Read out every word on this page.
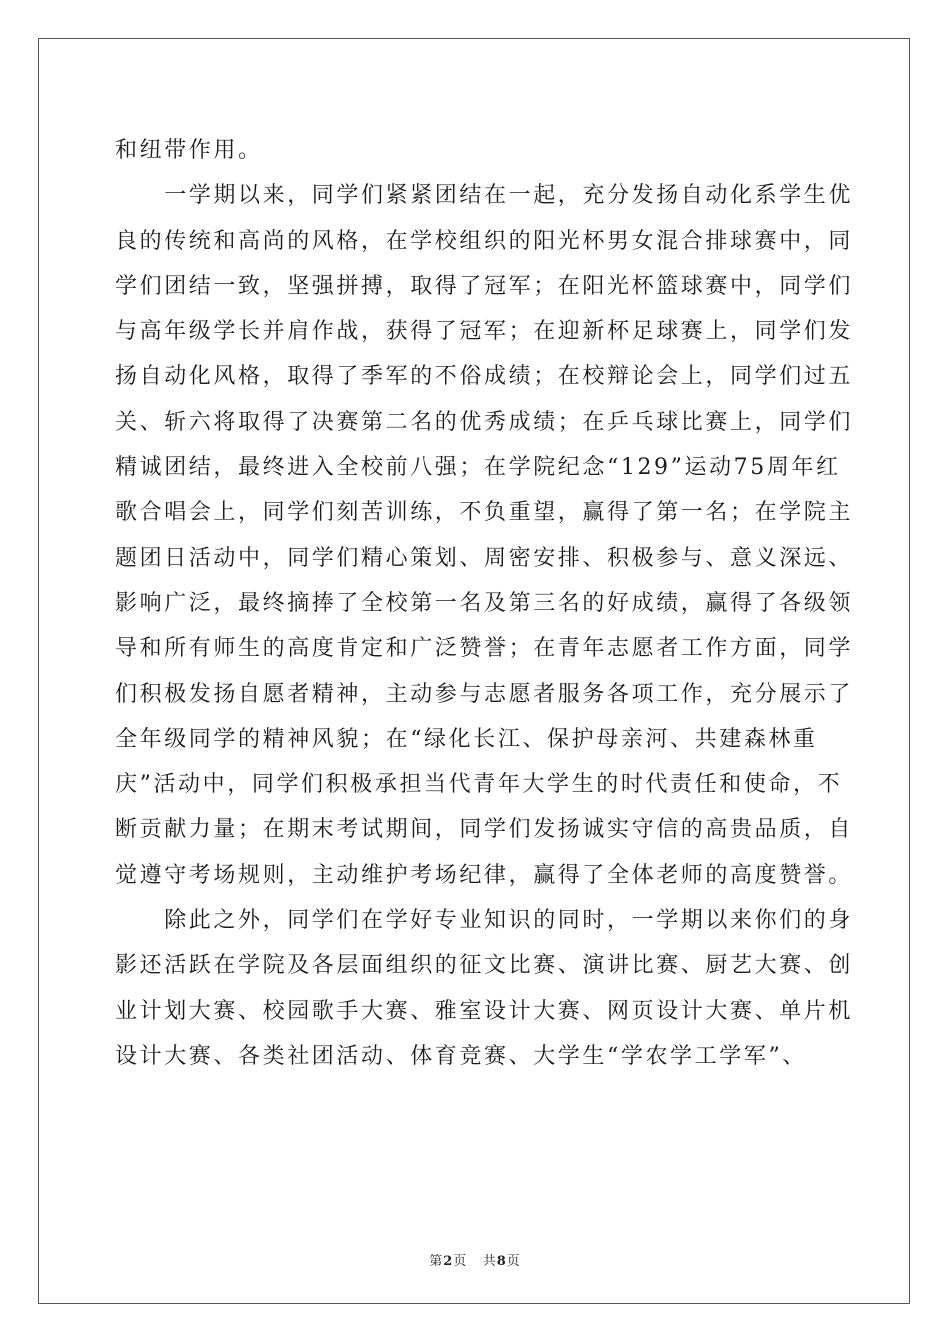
和纽带作用。
　　一学期以来，同学们紧紧团结在一起，充分发扬自动化系学生优
良的传统和高尚的风格，在学校组织的阳光杯男女混合排球赛中，同
学们团结一致，坚强拼搏，取得了冠军；在阳光杯篮球赛中，同学们
与高年级学长并肩作战，获得了冠军；在迎新杯足球赛上，同学们发
扬自动化风格，取得了季军的不俗成绩；在校辩论会上，同学们过五
关、斩六将取得了决赛第二名的优秀成绩；在乒乓球比赛上，同学们
精诚团结，最终进入全校前八强；在学院纪念“129”运动75周年红
歌合唱会上，同学们刻苦训练，不负重望，赢得了第一名；在学院主
题团日活动中，同学们精心策划、周密安排、积极参与、意义深远、
影响广泛，最终摘捧了全校第一名及第三名的好成绩，赢得了各级领
导和所有师生的高度肯定和广泛赞誉；在青年志愿者工作方面，同学
们积极发扬自愿者精神，主动参与志愿者服务各项工作，充分展示了
全年级同学的精神风貌；在“绿化长江、保护母亲河、共建森林重
庆”活动中，同学们积极承担当代青年大学生的时代责任和使命，不
断贡献力量；在期末考试期间，同学们发扬诚实守信的高贵品质，自
觉遵守考场规则，主动维护考场纪律，赢得了全体老师的高度赞誉。
　　除此之外，同学们在学好专业知识的同时，一学期以来你们的身
影还活跃在学院及各层面组织的征文比赛、演讲比赛、厨艺大赛、创
业计划大赛、校园歌手大赛、雅室设计大赛、网页设计大赛、单片机
设计大赛、各类社团活动、体育竞赛、大学生“学农学工学军”、
第2页 共8页
